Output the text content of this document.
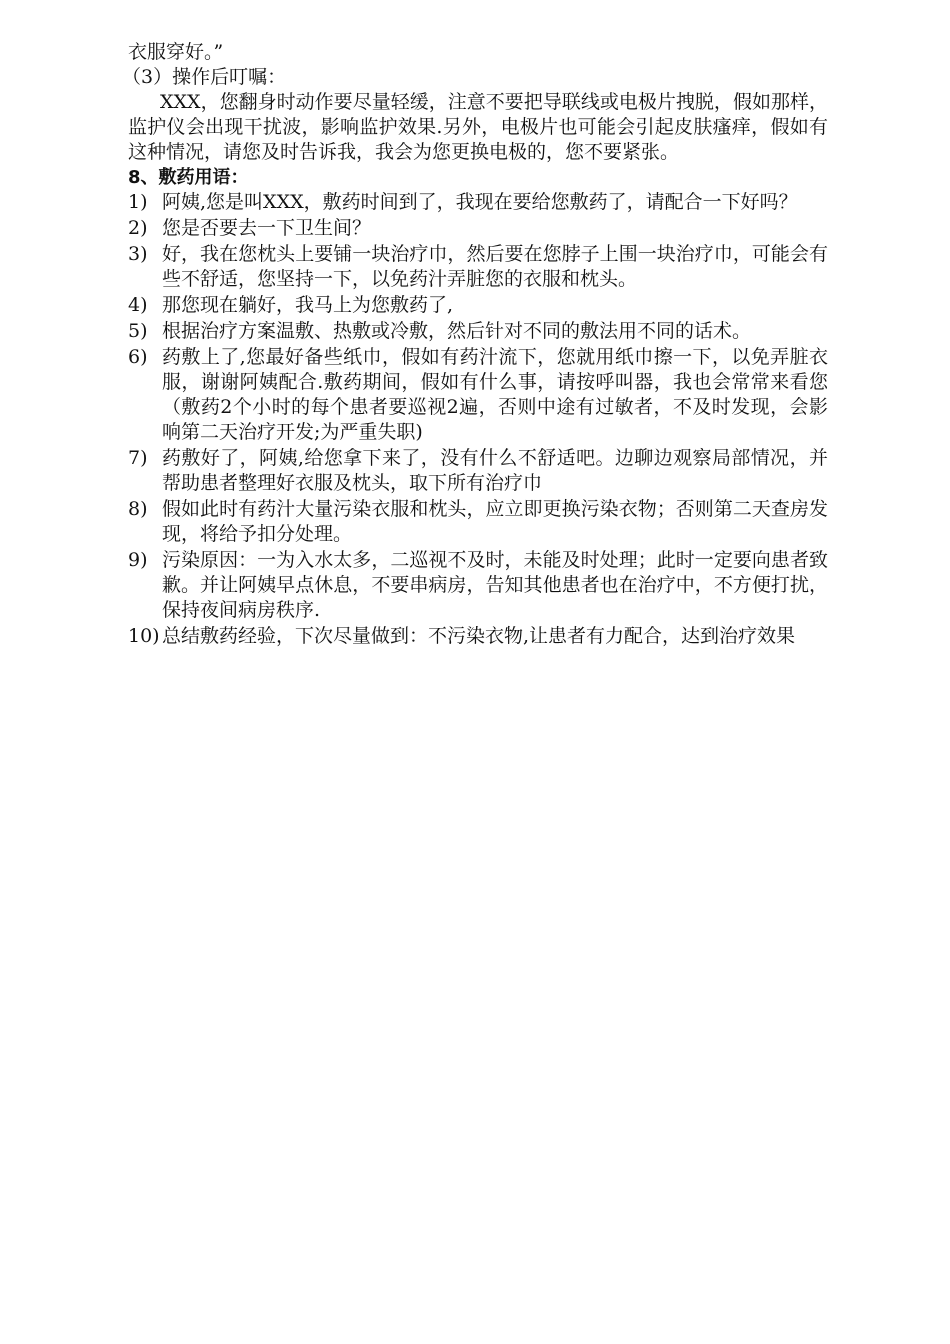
衣服穿好。”

（3）操作后叮嘱：

XXX，您翻身时动作要尽量轻缓，注意不要把导联线或电极片拽脱，假如那样，监护仪会出现干扰波，影响监护效果.另外，电极片也可能会引起皮肤瘙痒，假如有这种情况，请您及时告诉我，我会为您更换电极的，您不要紧张。

8、敷药用语：

1) 阿姨,您是叫XXX，敷药时间到了，我现在要给您敷药了，请配合一下好吗？
2) 您是否要去一下卫生间？
3) 好，我在您枕头上要铺一块治疗巾，然后要在您脖子上围一块治疗巾，可能会有些不舒适，您坚持一下，以免药汁弄脏您的衣服和枕头。
4) 那您现在躺好，我马上为您敷药了,
5) 根据治疗方案温敷、热敷或冷敷，然后针对不同的敷法用不同的话术。
6) 药敷上了,您最好备些纸巾，假如有药汁流下，您就用纸巾擦一下，以免弄脏衣服，谢谢阿姨配合.敷药期间，假如有什么事，请按呼叫器，我也会常常来看您（敷药2个小时的每个患者要巡视2遍，否则中途有过敏者，不及时发现，会影响第二天治疗开发;为严重失职)
7) 药敷好了，阿姨,给您拿下来了，没有什么不舒适吧。边聊边观察局部情况，并帮助患者整理好衣服及枕头，取下所有治疗巾
8) 假如此时有药汁大量污染衣服和枕头，应立即更换污染衣物；否则第二天查房发现，将给予扣分处理。
9) 污染原因：一为入水太多，二巡视不及时，未能及时处理；此时一定要向患者致歉。并让阿姨早点休息，不要串病房，告知其他患者也在治疗中，不方便打扰，保持夜间病房秩序.
10) 总结敷药经验，下次尽量做到：不污染衣物,让患者有力配合，达到治疗效果
